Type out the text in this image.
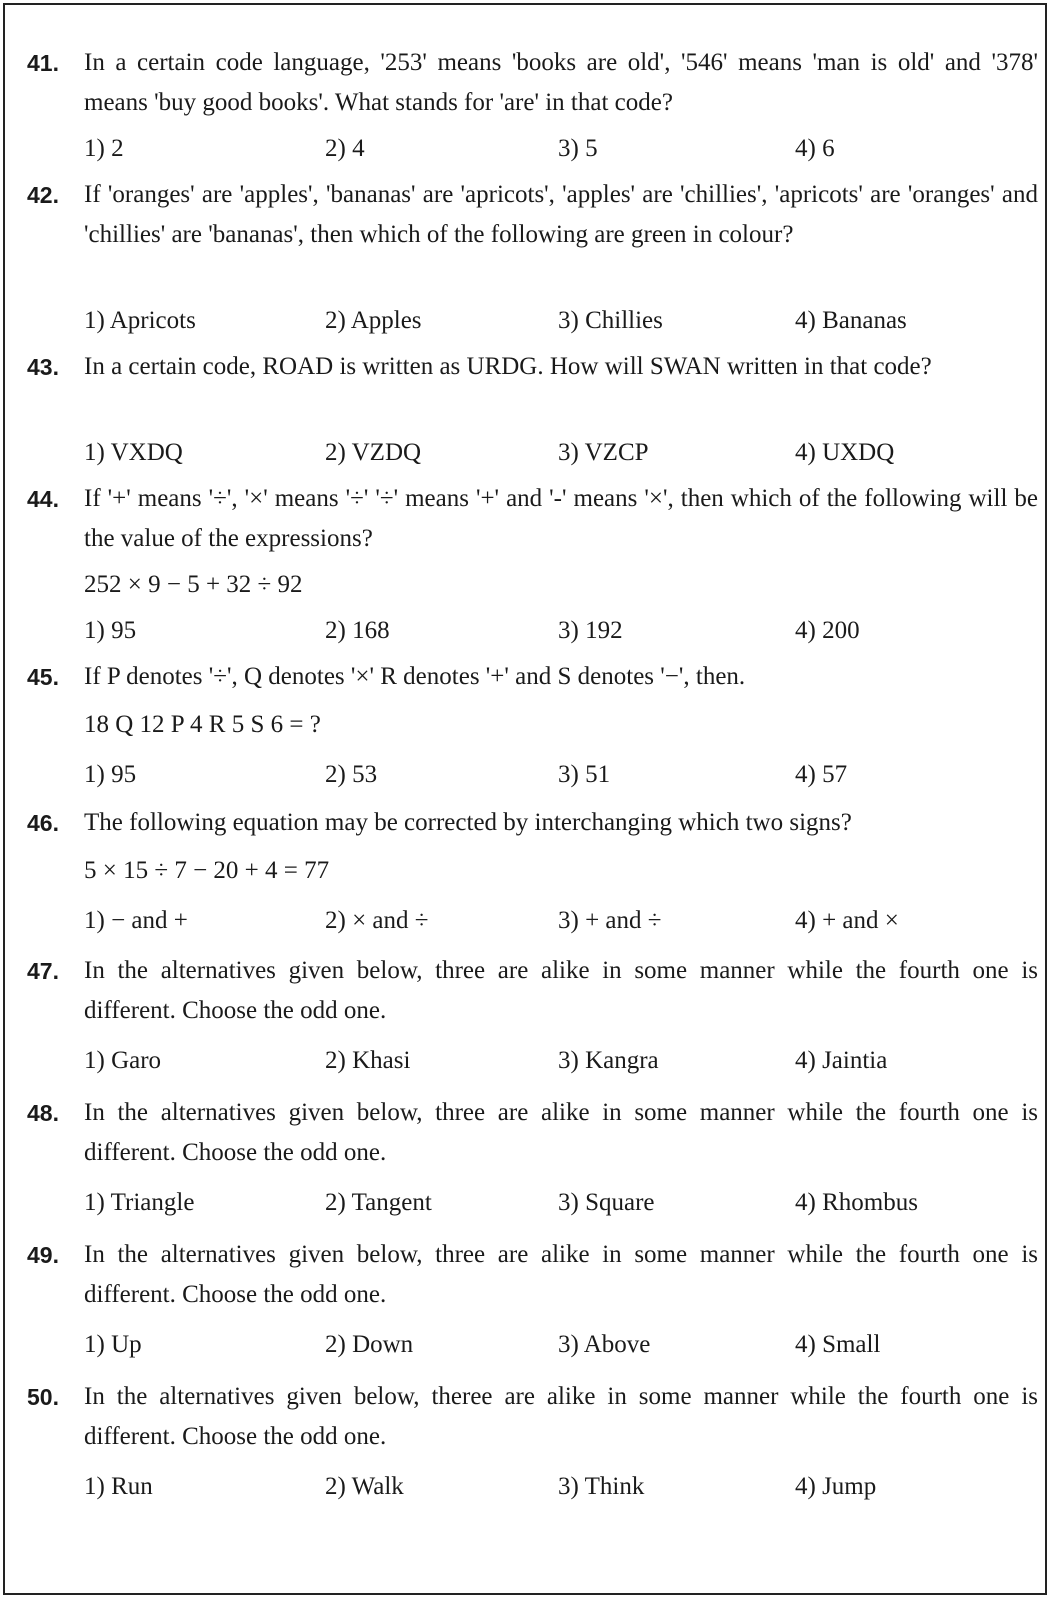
41. In a certain code language, '253' means 'books are old', '546' means 'man is old' and '378' means 'buy good books'. What stands for 'are' in that code?

1) 2	2) 4	3) 5	4) 6
42. If 'oranges' are 'apples', 'bananas' are 'apricots', 'apples' are 'chillies', 'apricots' are 'oranges' and 'chillies' are 'bananas', then which of the following are green in colour?

1) Apricots	2) Apples	3) Chillies	4) Bananas
43. In a certain code, ROAD is written as URDG. How will SWAN written in that code?

1) VXDQ	2) VZDQ	3) VZCP	4) UXDQ
44. If '+' means '÷', '×' means '÷' '÷' means '+' and '-' means '×', then which of the following will be the value of the expressions?

252 × 9 − 5 + 32 ÷ 92
1) 95	2) 168	3) 192	4) 200
45. If P denotes '÷', Q denotes '×' R denotes '+' and S denotes '−', then.

18 Q 12 P 4 R 5 S 6 = ?
1) 95	2) 53	3) 51	4) 57
46. The following equation may be corrected by interchanging which two signs?

5 × 15 ÷ 7 − 20 + 4 = 77
1) − and +	2) × and ÷	3) + and ÷	4) + and ×
47. In the alternatives given below, three are alike in some manner while the fourth one is different. Choose the odd one.

1) Garo	2) Khasi	3) Kangra	4) Jaintia
48. In the alternatives given below, three are alike in some manner while the fourth one is different. Choose the odd one.

1) Triangle	2) Tangent	3) Square	4) Rhombus
49. In the alternatives given below, three are alike in some manner while the fourth one is different. Choose the odd one.

1) Up	2) Down	3) Above	4) Small
50. In the alternatives given below, theree are alike in some manner while the fourth one is different. Choose the odd one.

1) Run	2) Walk	3) Think	4) Jump
